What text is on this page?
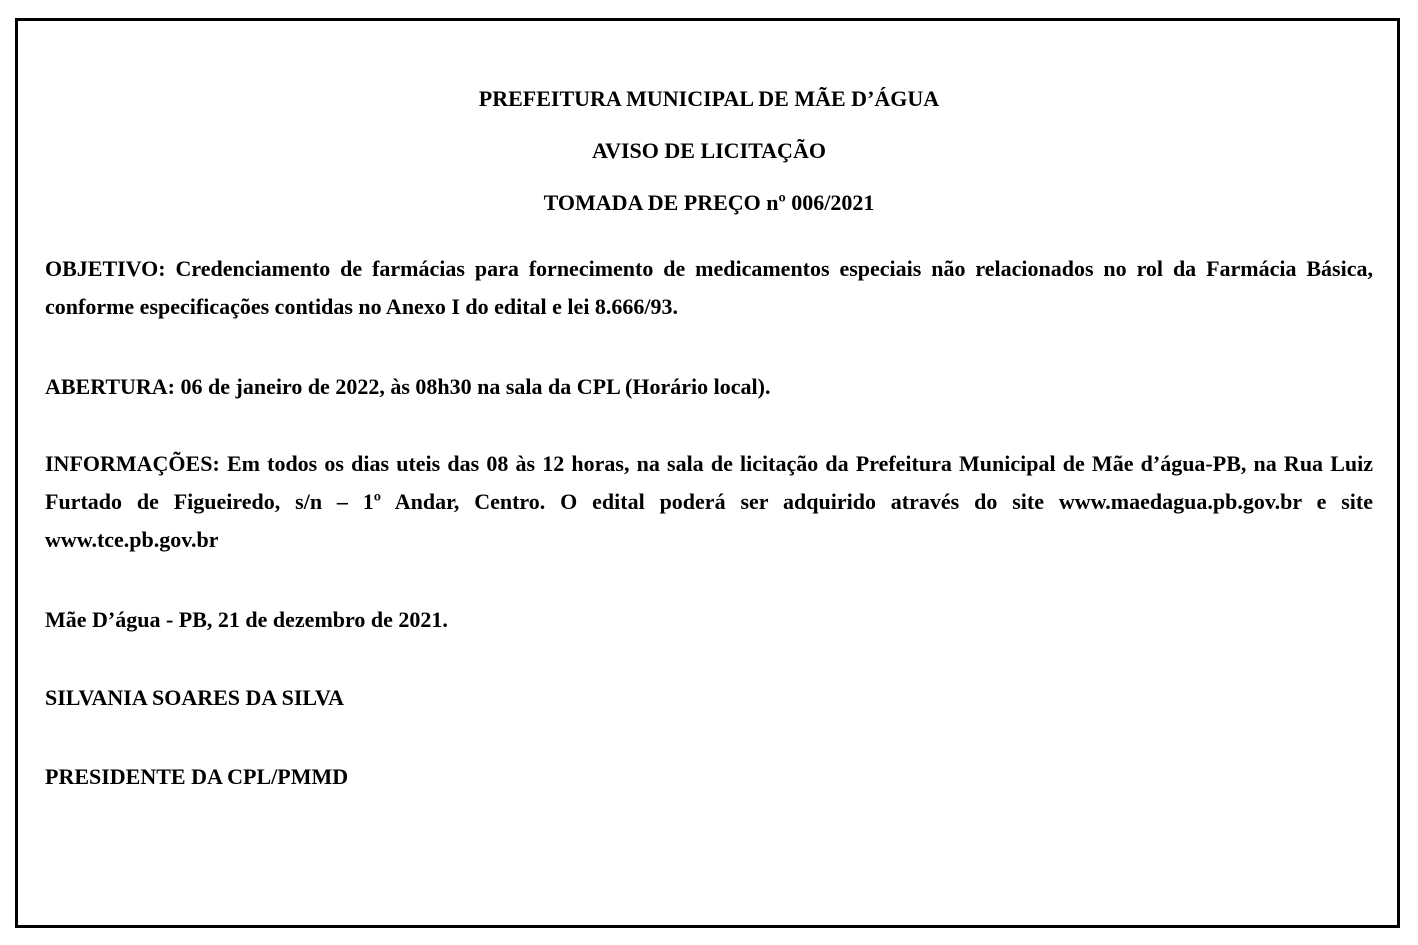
PREFEITURA MUNICIPAL DE MÃE D’ÁGUA
AVISO DE LICITAÇÃO
TOMADA DE PREÇO nº 006/2021

OBJETIVO: Credenciamento de farmácias para fornecimento de medicamentos especiais não relacionados no rol da Farmácia Básica, conforme especificações contidas no Anexo I do edital e lei 8.666/93.

ABERTURA: 06 de janeiro de 2022, às 08h30 na sala da CPL (Horário local).

INFORMAÇÕES: Em todos os dias uteis das 08 às 12 horas, na sala de licitação da Prefeitura Municipal de Mãe d’água-PB, na Rua Luiz Furtado de Figueiredo, s/n – 1º Andar, Centro. O edital poderá ser adquirido através do site www.maedagua.pb.gov.br e site www.tce.pb.gov.br

Mãe D’água - PB, 21 de dezembro de 2021.

SILVANIA SOARES DA SILVA

PRESIDENTE DA CPL/PMMD
